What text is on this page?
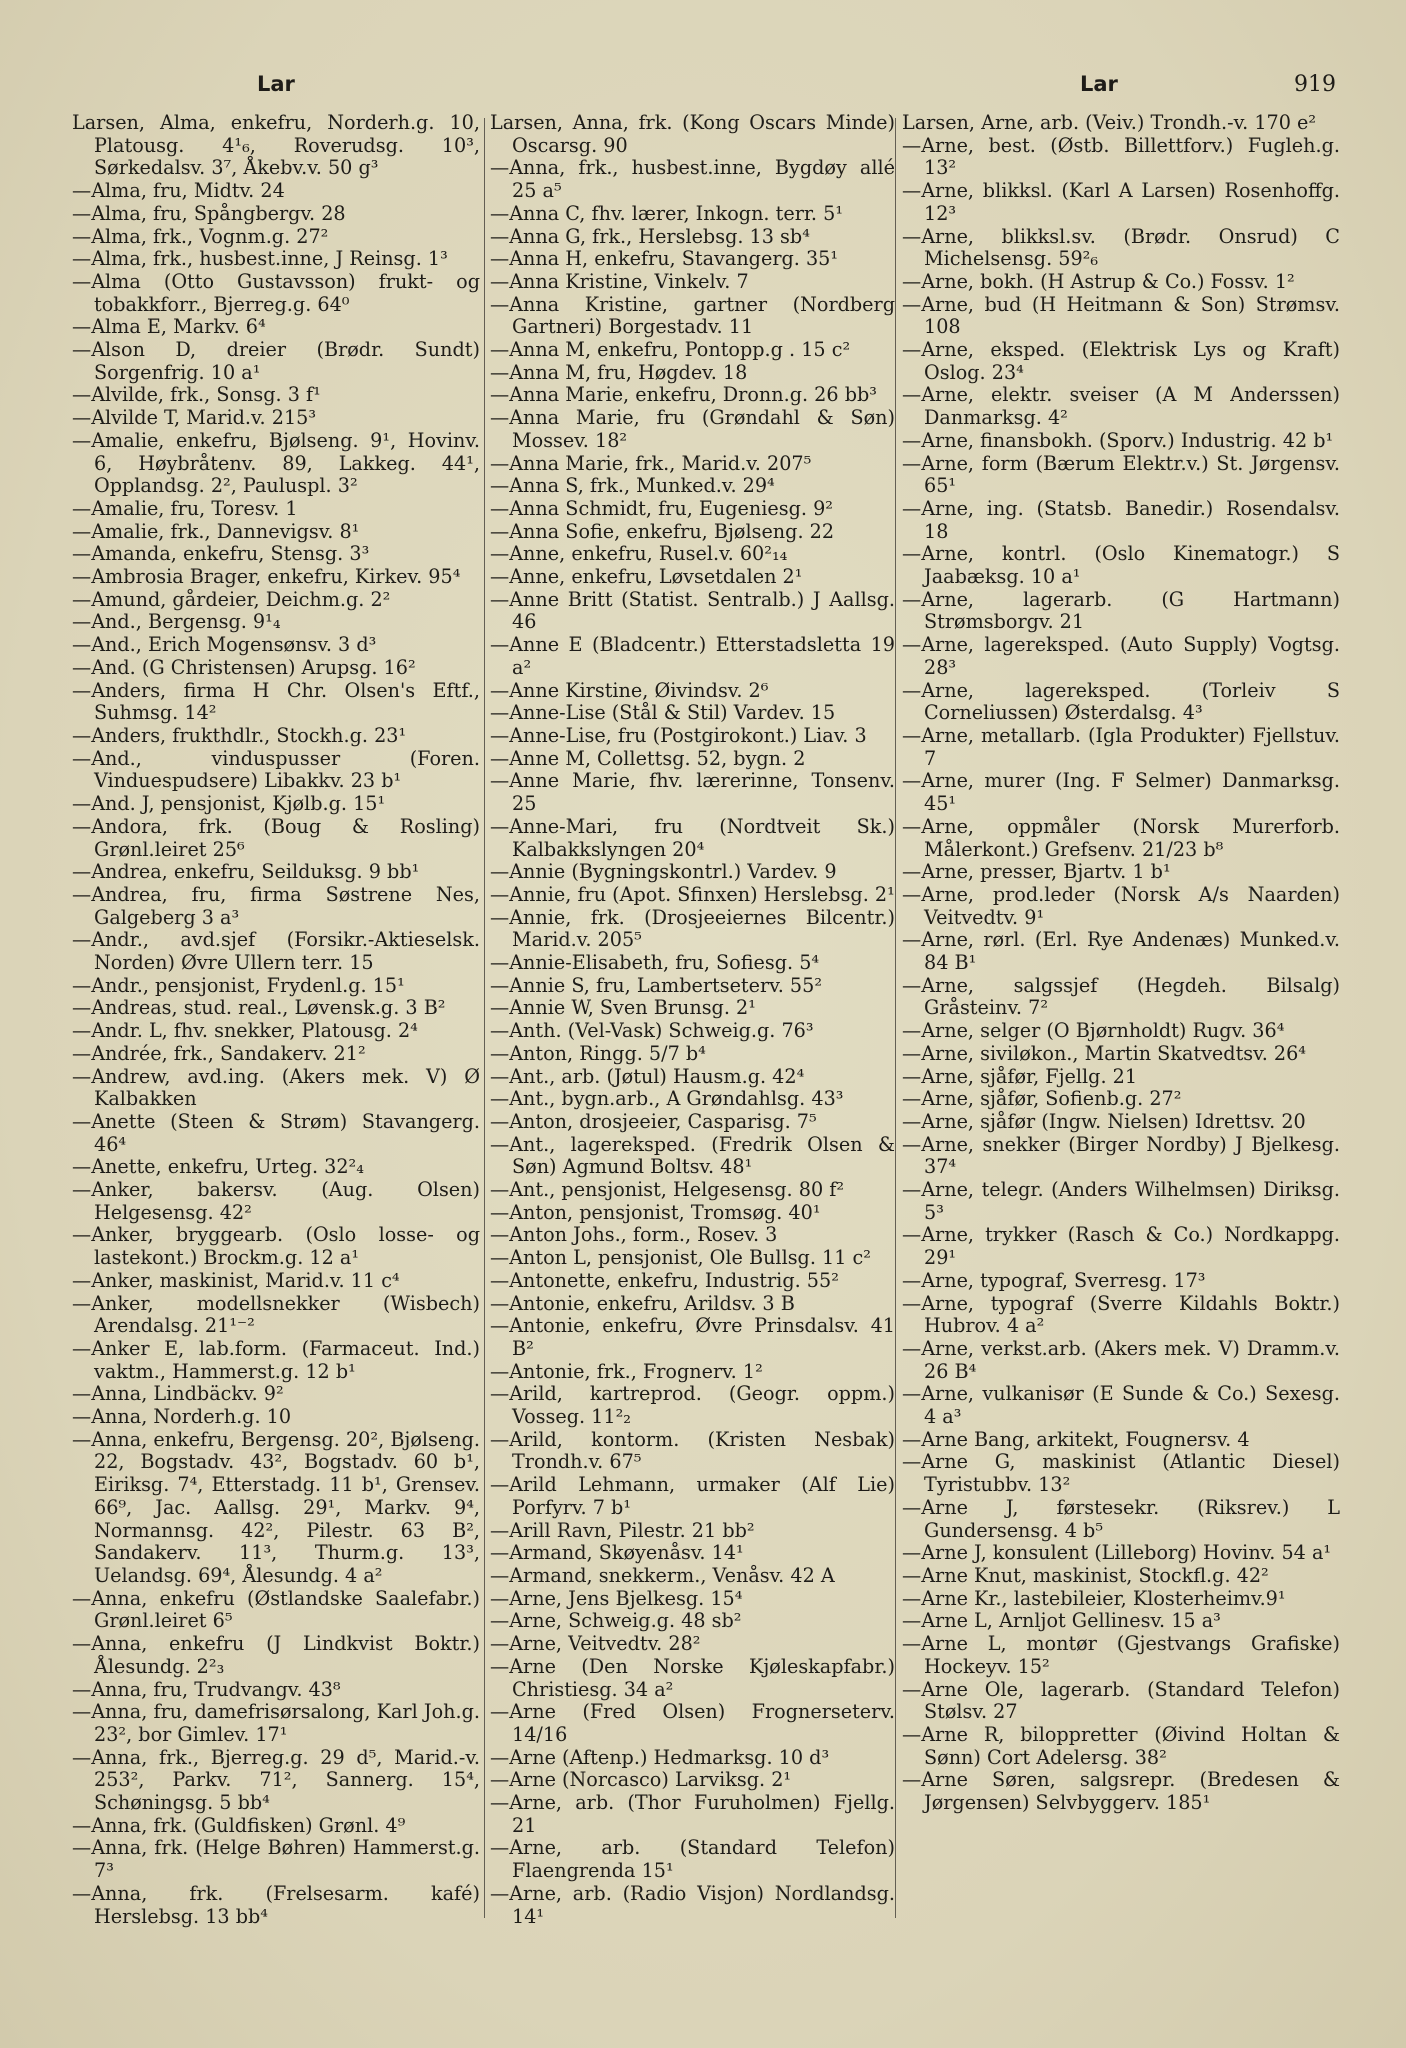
Lar	Lar	919
Larsen, Alma, enkefru, Norderh.g. 10, Platousg. 4¹₆, Roverudsg. 10³, Sørkedalsv. 3⁷, Åkebv.v. 50 g³
—Alma, fru, Midtv. 24
—Alma, fru, Spångbergv. 28
—Alma, frk., Vognm.g. 27²
—Alma, frk., husbest.inne, J Reinsg. 1³
—Alma (Otto Gustavsson) frukt- og tobakkforr., Bjerreg.g. 64⁰
—Alma E, Markv. 6⁴
—Alson D, dreier (Brødr. Sundt) Sorgenfrig. 10 a¹
—Alvilde, frk., Sonsg. 3 f¹
—Alvilde T, Marid.v. 215³
—Amalie, enkefru, Bjølseng. 9¹, Hovinv. 6, Høybråtenv. 89, Lakkeg. 44¹, Opplandsg. 2², Pauluspl. 3²
—Amalie, fru, Toresv. 1
—Amalie, frk., Dannevigsv. 8¹
—Amanda, enkefru, Stensg. 3³
—Ambrosia Brager, enkefru, Kirkev. 95⁴
—Amund, gårdeier, Deichm.g. 2²
—And., Bergensg. 9¹₄
—And., Erich Mogensønsv. 3 d³
—And. (G Christensen) Arupsg. 16²
—Anders, firma H Chr. Olsen's Eftf., Suhmsg. 14²
—Anders, frukthdlr., Stockh.g. 23¹
—And., vinduspusser (Foren. Vinduespudsere) Libakkv. 23 b¹
—And. J, pensjonist, Kjølb.g. 15¹
—Andora, frk. (Boug & Rosling) Grønl.leiret 25⁶
—Andrea, enkefru, Seilduksg. 9 bb¹
—Andrea, fru, firma Søstrene Nes, Galgeberg 3 a³
—Andr., avd.sjef (Forsikr.-Aktieselsk. Norden) Øvre Ullern terr. 15
—Andr., pensjonist, Frydenl.g. 15¹
—Andreas, stud. real., Løvensk.g. 3 B²
—Andr. L, fhv. snekker, Platousg. 2⁴
—Andrée, frk., Sandakerv. 21²
—Andrew, avd.ing. (Akers mek. V) Ø Kalbakken
—Anette (Steen & Strøm) Stavangerg. 46⁴
—Anette, enkefru, Urteg. 32²₄
—Anker, bakersv. (Aug. Olsen) Helgesensg. 42²
—Anker, bryggearb. (Oslo losse- og lastekont.) Brockm.g. 12 a¹
—Anker, maskinist, Marid.v. 11 c⁴
—Anker, modellsnekker (Wisbech) Arendalsg. 21¹⁻²
—Anker E, lab.form. (Farmaceut. Ind.) vaktm., Hammerst.g. 12 b¹
—Anna, Lindbäckv. 9²
—Anna, Norderh.g. 10
—Anna, enkefru, Bergensg. 20², Bjølseng. 22, Bogstadv. 43², Bogstadv. 60 b¹, Eiriksg. 7⁴, Etterstadg. 11 b¹, Grensev. 66⁹, Jac. Aallsg. 29¹, Markv. 9⁴, Normannsg. 42², Pilestr. 63 B², Sandakerv. 11³, Thurm.g. 13³, Uelandsg. 69⁴, Ålesundg. 4 a²
—Anna, enkefru (Østlandske Saalefabr.) Grønl.leiret 6⁵
—Anna, enkefru (J Lindkvist Boktr.) Ålesundg. 2²₃
—Anna, fru, Trudvangv. 43⁸
—Anna, fru, damefrisørsalong, Karl Joh.g. 23², bor Gimlev. 17¹
—Anna, frk., Bjerreg.g. 29 d⁵, Marid.-v. 253², Parkv. 71², Sannerg. 15⁴, Schøningsg. 5 bb⁴
—Anna, frk. (Guldfisken) Grønl. 4⁹
—Anna, frk. (Helge Bøhren) Hammerst.g. 7³
—Anna, frk. (Frelsesarm. kafé) Herslebsg. 13 bb⁴
Larsen, Anna, frk. (Kong Oscars Minde) Oscarsg. 90
—Anna, frk., husbest.inne, Bygdøy allé 25 a⁵
—Anna C, fhv. lærer, Inkogn. terr. 5¹
—Anna G, frk., Herslebsg. 13 sb⁴
—Anna H, enkefru, Stavangerg. 35¹
—Anna Kristine, Vinkelv. 7
—Anna Kristine, gartner (Nordberg Gartneri) Borgestadv. 11
—Anna M, enkefru, Pontopp.g . 15 c²
—Anna M, fru, Høgdev. 18
—Anna Marie, enkefru, Dronn.g. 26 bb³
—Anna Marie, fru (Grøndahl & Søn) Mossev. 18²
—Anna Marie, frk., Marid.v. 207⁵
—Anna S, frk., Munked.v. 29⁴
—Anna Schmidt, fru, Eugeniesg. 9²
—Anna Sofie, enkefru, Bjølseng. 22
—Anne, enkefru, Rusel.v. 60²₁₄
—Anne, enkefru, Løvsetdalen 2¹
—Anne Britt (Statist. Sentralb.) J Aallsg. 46
—Anne E (Bladcentr.) Etterstadsletta 19 a²
—Anne Kirstine, Øivindsv. 2⁶
—Anne-Lise (Stål & Stil) Vardev. 15
—Anne-Lise, fru (Postgirokont.) Liav. 3
—Anne M, Collettsg. 52, bygn. 2
—Anne Marie, fhv. lærerinne, Tonsenv. 25
—Anne-Mari, fru (Nordtveit Sk.) Kalbakkslyngen 20⁴
—Annie (Bygningskontrl.) Vardev. 9
—Annie, fru (Apot. Sfinxen) Herslebsg. 2¹
—Annie, frk. (Drosjeeiernes Bilcentr.) Marid.v. 205⁵
—Annie-Elisabeth, fru, Sofiesg. 5⁴
—Annie S, fru, Lambertseterv. 55²
—Annie W, Sven Brunsg. 2¹
—Anth. (Vel-Vask) Schweig.g. 76³
—Anton, Ringg. 5/7 b⁴
—Ant., arb. (Jøtul) Hausm.g. 42⁴
—Ant., bygn.arb., A Grøndahlsg. 43³
—Anton, drosjeeier, Casparisg. 7⁵
—Ant., lagereksped. (Fredrik Olsen & Søn) Agmund Boltsv. 48¹
—Ant., pensjonist, Helgesensg. 80 f²
—Anton, pensjonist, Tromsøg. 40¹
—Anton Johs., form., Rosev. 3
—Anton L, pensjonist, Ole Bullsg. 11 c²
—Antonette, enkefru, Industrig. 55²
—Antonie, enkefru, Arildsv. 3 B
—Antonie, enkefru, Øvre Prinsdalsv. 41 B²
—Antonie, frk., Frognerv. 1²
—Arild, kartreprod. (Geogr. oppm.) Vosseg. 11²₂
—Arild, kontorm. (Kristen Nesbak) Trondh.v. 67⁵
—Arild Lehmann, urmaker (Alf Lie) Porfyrv. 7 b¹
—Arill Ravn, Pilestr. 21 bb²
—Armand, Skøyenåsv. 14¹
—Armand, snekkerm., Venåsv. 42 A
—Arne, Jens Bjelkesg. 15⁴
—Arne, Schweig.g. 48 sb²
—Arne, Veitvedtv. 28²
—Arne (Den Norske Kjøleskapfabr.) Christiesg. 34 a²
—Arne (Fred Olsen) Frognerseterv. 14/16
—Arne (Aftenp.) Hedmarksg. 10 d³
—Arne (Norcasco) Larviksg. 2¹
—Arne, arb. (Thor Furuholmen) Fjellg. 21
—Arne, arb. (Standard Telefon) Flaengrenda 15¹
—Arne, arb. (Radio Visjon) Nordlandsg. 14¹
Larsen, Arne, arb. (Veiv.) Trondh.-v. 170 e²
—Arne, best. (Østb. Billettforv.) Fugleh.g. 13²
—Arne, blikksl. (Karl A Larsen) Rosenhoffg. 12³
—Arne, blikksl.sv. (Brødr. Onsrud) C Michelsensg. 59²₆
—Arne, bokh. (H Astrup & Co.) Fossv. 1²
—Arne, bud (H Heitmann & Son) Strømsv. 108
—Arne, eksped. (Elektrisk Lys og Kraft) Oslog. 23⁴
—Arne, elektr. sveiser (A M Anderssen) Danmarksg. 4²
—Arne, finansbokh. (Sporv.) Industrig. 42 b¹
—Arne, form (Bærum Elektr.v.) St. Jørgensv. 65¹
—Arne, ing. (Statsb. Banedir.) Rosendalsv. 18
—Arne, kontrl. (Oslo Kinematogr.) S Jaabæksg. 10 a¹
—Arne, lagerarb. (G Hartmann) Strømsborgv. 21
—Arne, lagereksped. (Auto Supply) Vogtsg. 28³
—Arne, lagereksped. (Torleiv S Corneliussen) Østerdalsg. 4³
—Arne, metallarb. (Igla Produkter) Fjellstuv. 7
—Arne, murer (Ing. F Selmer) Danmarksg. 45¹
—Arne, oppmåler (Norsk Murerforb. Målerkont.) Grefsenv. 21/23 b⁸
—Arne, presser, Bjartv. 1 b¹
—Arne, prod.leder (Norsk A/s Naarden) Veitvedtv. 9¹
—Arne, rørl. (Erl. Rye Andenæs) Munked.v. 84 B¹
—Arne, salgssjef (Hegdeh. Bilsalg) Gråsteinv. 7²
—Arne, selger (O Bjørnholdt) Rugv. 36⁴
—Arne, siviløkon., Martin Skatvedtsv. 26⁴
—Arne, sjåfør, Fjellg. 21
—Arne, sjåfør, Sofienb.g. 27²
—Arne, sjåfør (Ingw. Nielsen) Idrettsv. 20
—Arne, snekker (Birger Nordby) J Bjelkesg. 37⁴
—Arne, telegr. (Anders Wilhelmsen) Diriksg. 5³
—Arne, trykker (Rasch & Co.) Nordkappg. 29¹
—Arne, typograf, Sverresg. 17³
—Arne, typograf (Sverre Kildahls Boktr.) Hubrov. 4 a²
—Arne, verkst.arb. (Akers mek. V) Dramm.v. 26 B⁴
—Arne, vulkanisør (E Sunde & Co.) Sexesg. 4 a³
—Arne Bang, arkitekt, Fougnersv. 4
—Arne G, maskinist (Atlantic Diesel) Tyristubbv. 13²
—Arne J, førstesekr. (Riksrev.) L Gundersensg. 4 b⁵
—Arne J, konsulent (Lilleborg) Hovinv. 54 a¹
—Arne Knut, maskinist, Stockfl.g. 42²
—Arne Kr., lastebileier, Klosterheimv.9¹
—Arne L, Arnljot Gellinesv. 15 a³
—Arne L, montør (Gjestvangs Grafiske) Hockeyv. 15²
—Arne Ole, lagerarb. (Standard Telefon) Stølsv. 27
—Arne R, bilopprettег (Øivind Holtan & Sønn) Cort Adelersg. 38²
—Arne Søren, salgsrepr. (Bredesen & Jørgensen) Selvbyggerv. 185¹
